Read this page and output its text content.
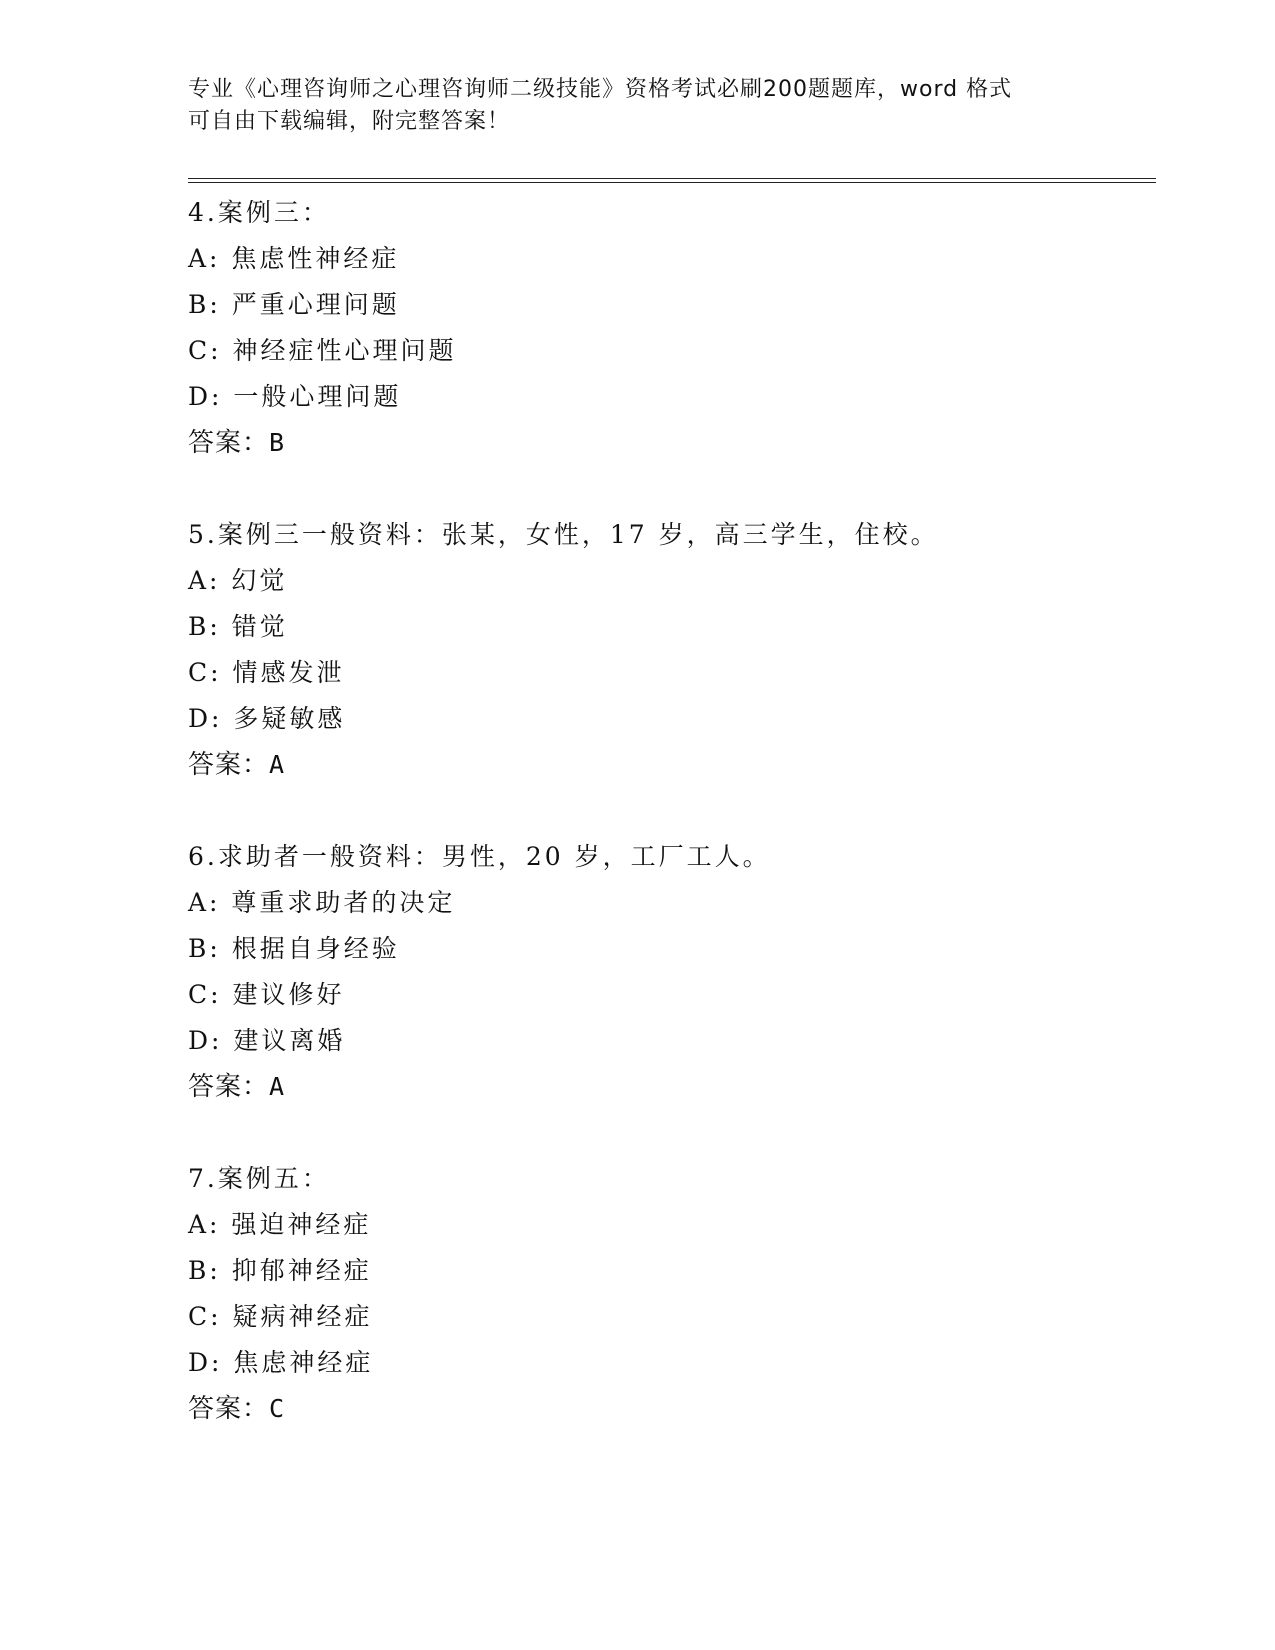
专业《心理咨询师之心理咨询师二级技能》资格考试必刷200题题库，word 格式
可自由下载编辑，附完整答案！
4.案例三：
A: 焦虑性神经症
B: 严重心理问题
C: 神经症性心理问题
D: 一般心理问题
答案：B
5.案例三一般资料：张某，女性，17 岁，高三学生，住校。
A: 幻觉
B: 错觉
C: 情感发泄
D: 多疑敏感
答案：A
6.求助者一般资料：男性，20 岁，工厂工人。
A: 尊重求助者的决定
B: 根据自身经验
C: 建议修好
D: 建议离婚
答案：A
7.案例五：
A: 强迫神经症
B: 抑郁神经症
C: 疑病神经症
D: 焦虑神经症
答案：C
